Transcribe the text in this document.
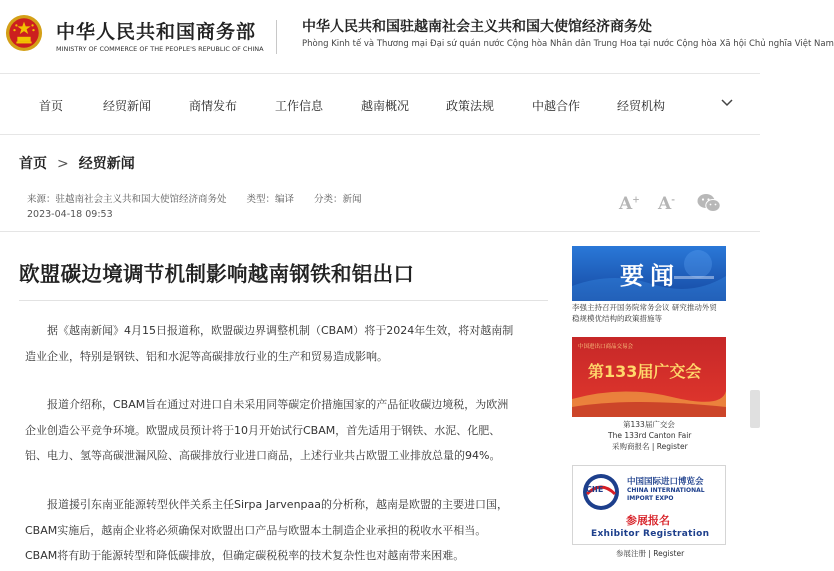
中华人民共和国商务部
MINISTRY OF COMMERCE OF THE PEOPLE'S REPUBLIC OF CHINA
中华人民共和国驻越南社会主义共和国大使馆经济商务处
Phòng Kinh tế và Thương mại Đại sứ quán nước Cộng hòa Nhân dân Trung Hoa tại nước Cộng hòa Xã hội Chủ nghĩa Việt Nam
首页	经贸新闻	商情发布	工作信息	越南概况	政策法规	中越合作	经贸机构
首页 > 经贸新闻
来源：驻越南社会主义共和国大使馆经济商务处 类型：编译 分类：新闻
2023-04-18 09:53
A+ A-
欧盟碳边境调节机制影响越南钢铁和铝出口
据《越南新闻》4月15日报道称，欧盟碳边界调整机制（CBAM）将于2024年生效，将对越南制
造业企业，特别是钢铁、铝和水泥等高碳排放行业的生产和贸易造成影响。
报道介绍称，CBAM旨在通过对进口自未采用同等碳定价措施国家的产品征收碳边境税，为欧洲
企业创造公平竞争环境。欧盟成员预计将于10月开始试行CBAM，首先适用于钢铁、水泥、化肥、
铝、电力、氢等高碳泄漏风险、高碳排放行业进口商品，上述行业共占欧盟工业排放总量的94%。
报道援引东南亚能源转型伙伴关系主任Sirpa Jarvenpaa的分析称，越南是欧盟的主要进口国，
CBAM实施后，越南企业将必须确保对欧盟出口产品与欧盟本土制造企业承担的税收水平相当。
CBAM将有助于能源转型和降低碳排放，但确定碳税税率的技术复杂性也对越南带来困难。
要闻
李强主持召开国务院常务会议 研究推动外贸
稳规模优结构的政策措施等
中国进出口商品交易会
第133届广交会
第133届广交会
The 133rd Canton Fair
采购商报名 | Register
CIIE
中国国际进口博览会
CHINA INTERNATIONAL
IMPORT EXPO
参展报名
Exhibitor Registration
参展注册 | Register
